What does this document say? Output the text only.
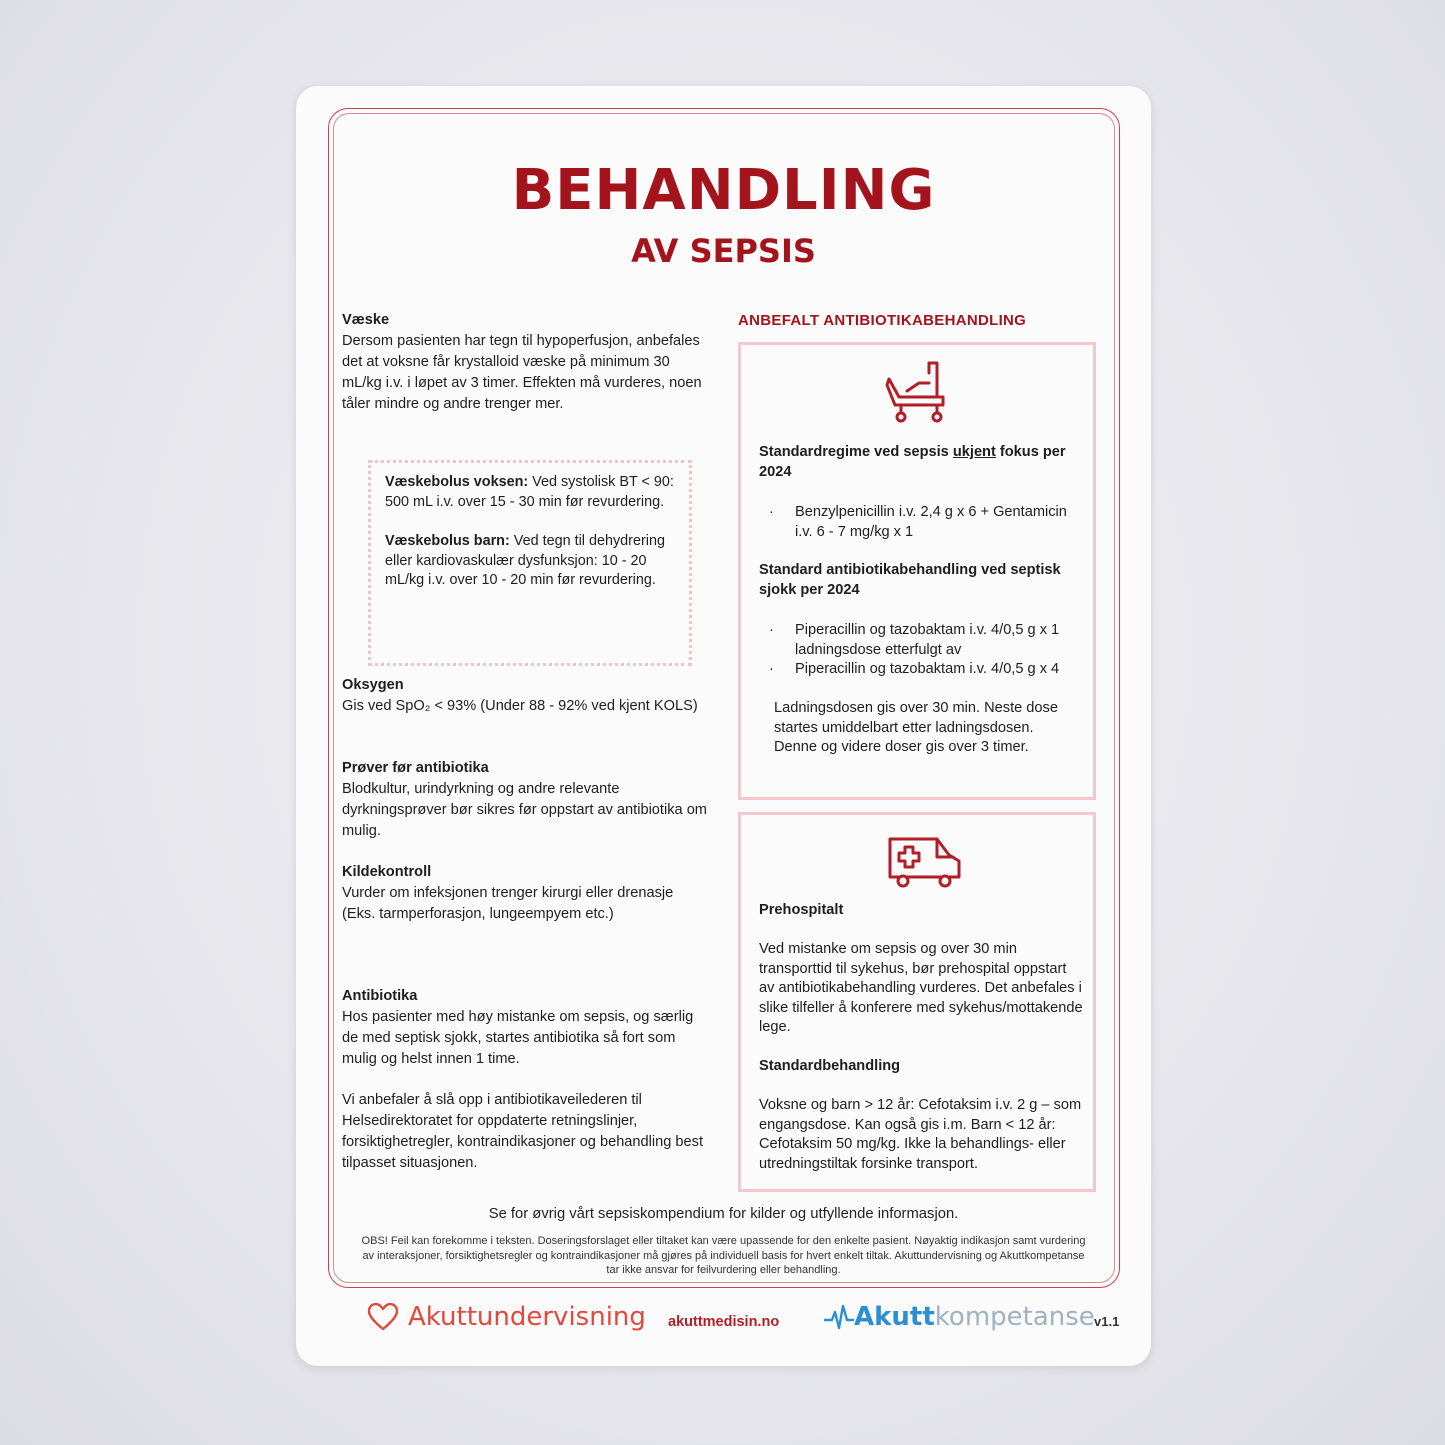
BEHANDLING
AV SEPSIS
Væske

Dersom pasienten har tegn til hypoperfusjon, anbefales det at voksne får krystalloid væske på minimum 30 mL/kg i.v. i løpet av 3 timer. Effekten må vurderes, noen tåler mindre og andre trenger mer.

Væskebolus voksen: Ved systolisk BT < 90: 500 mL i.v. over 15 - 30 min før revurdering.

Væskebolus barn: Ved tegn til dehydrering eller kardiovaskulær dysfunksjon: 10 - 20 mL/kg i.v. over 10 - 20 min før revurdering.

Oksygen

Gis ved SpO₂ < 93% (Under 88 - 92% ved kjent KOLS)

Prøver før antibiotika

Blodkultur, urindyrkning og andre relevante dyrkningsprøver bør sikres før oppstart av antibiotika om mulig.

Kildekontroll

Vurder om infeksjonen trenger kirurgi eller drenasje (Eks. tarmperforasjon, lungeempyem etc.)

Antibiotika

Hos pasienter med høy mistanke om sepsis, og særlig de med septisk sjokk, startes antibiotika så fort som mulig og helst innen 1 time.

Vi anbefaler å slå opp i antibiotikaveilederen til Helsedirektoratet for oppdaterte retningslinjer, forsiktighetregler, kontraindikasjoner og behandling best tilpasset situasjonen.

ANBEFALT ANTIBIOTIKABEHANDLING
Standardregime ved sepsis ukjent fokus per 2024
· Benzylpenicillin i.v. 2,4 g x 6 + Gentamicin i.v. 6 - 7 mg/kg x 1
Standard antibiotikabehandling ved septisk sjokk per 2024
· Piperacillin og tazobaktam i.v. 4/0,5 g x 1 ladningsdose etterfulgt av
· Piperacillin og tazobaktam i.v. 4/0,5 g x 4
Ladningsdosen gis over 30 min. Neste dose startes umiddelbart etter ladningsdosen. Denne og videre doser gis over 3 timer.
Prehospitalt
Ved mistanke om sepsis og over 30 min transporttid til sykehus, bør prehospital oppstart av antibiotikabehandling vurderes. Det anbefales i slike tilfeller å konferere med sykehus/mottakende lege.
Standardbehandling
Voksne og barn > 12 år: Cefotaksim i.v. 2 g – som engangsdose. Kan også gis i.m. Barn < 12 år: Cefotaksim 50 mg/kg. Ikke la behandlings- eller utredningstiltak forsinke transport.
Se for øvrig vårt sepsiskompendium for kilder og utfyllende informasjon.
OBS! Feil kan forekomme i teksten. Doseringsforslaget eller tiltaket kan være upassende for den enkelte pasient. Nøyaktig indikasjon samt vurdering av interaksjoner, forsiktighetsregler og kontraindikasjoner må gjøres på individuell basis for hvert enkelt tiltak. Akuttundervisning og Akuttkompetanse tar ikke ansvar for feilvurdering eller behandling.
Akuttundervisning akuttmedisin.no	Akutt kompetanse v1.1
